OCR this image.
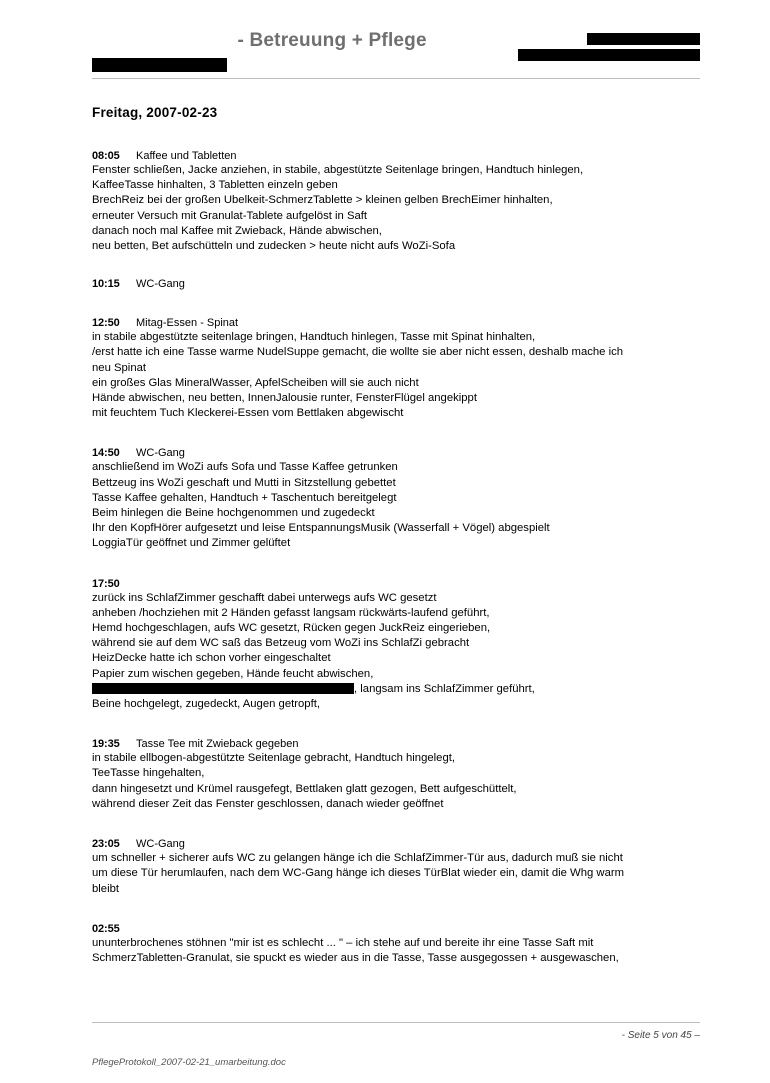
- Betreuung + Pflege
Freitag, 2007-02-23
08:05 Kaffee und Tabletten
Fenster schließen, Jacke anziehen, in stabile, abgestützte Seitenlage bringen, Handtuch hinlegen,
KaffeeTasse hinhalten, 3 Tabletten einzeln geben
BrechReiz bei der großen Ubelkeit-SchmerzTablette > kleinen gelben BrechEimer hinhalten,
erneuter Versuch mit Granulat-Tablete aufgelöst in Saft
danach noch mal Kaffee mit Zwieback, Hände abwischen,
neu betten, Bet aufschütteln und zudecken > heute nicht aufs WoZi-Sofa
10:15 WC-Gang
12:50 Mitag-Essen - Spinat
in stabile abgestützte seitenlage bringen, Handtuch hinlegen, Tasse mit Spinat hinhalten,
/erst hatte ich eine Tasse warme NudelSuppe gemacht, die wollte sie aber nicht essen, deshalb mache ich
neu Spinat
ein großes Glas MineralWasser, ApfelScheiben will sie auch nicht
Hände abwischen, neu betten, InnenJalousie runter, FensterFlügel angekippt
mit feuchtem Tuch Kleckerei-Essen vom Bettlaken abgewischt
14:50 WC-Gang
anschließend im WoZi aufs Sofa und Tasse Kaffee getrunken
Bettzeug ins WoZi geschaft und Mutti in Sitzstellung gebettet
Tasse Kaffee gehalten, Handtuch + Taschentuch bereitgelegt
Beim hinlegen die Beine hochgenommen und zugedeckt
Ihr den KopfHörer aufgesetzt und leise EntspannungsMusik (Wasserfall + Vögel) abgespielt
LoggiaTür geöffnet und Zimmer gelüftet
17:50
zurück ins SchlafZimmer geschafft dabei unterwegs aufs WC gesetzt
anheben /hochziehen mit 2 Händen gefasst langsam rückwärts-laufend geführt,
Hemd hochgeschlagen, aufs WC gesetzt, Rücken gegen JuckReiz eingerieben,
während sie auf dem WC saß das Betzeug vom WoZi ins SchlafZi gebracht
HeizDecke hatte ich schon vorher eingeschaltet
Papier zum wischen gegeben, Hände feucht abwischen,
, langsam ins SchlafZimmer geführt,
Beine hochgelegt, zugedeckt, Augen getropft,
19:35 Tasse Tee mit Zwieback gegeben
in stabile ellbogen-abgestützte Seitenlage gebracht, Handtuch hingelegt,
TeeTasse hingehalten,
dann hingesetzt und Krümel rausgefegt, Bettlaken glatt gezogen, Bett aufgeschüttelt,
während dieser Zeit das Fenster geschlossen, danach wieder geöffnet
23:05 WC-Gang
um schneller + sicherer aufs WC zu gelangen hänge ich die SchlafZimmer-Tür aus, dadurch muß sie nicht
um diese Tür herumlaufen, nach dem WC-Gang hänge ich dieses TürBlat wieder ein, damit die Whg warm
bleibt
02:55
ununterbrochenes stöhnen "mir ist es schlecht ... " – ich stehe auf und bereite ihr eine Tasse Saft mit
SchmerzTabletten-Granulat, sie spuckt es wieder aus in die Tasse, Tasse ausgegossen + ausgewaschen,
- Seite 5 von 45 –
PflegeProtokoll_2007-02-21_umarbeitung.doc
